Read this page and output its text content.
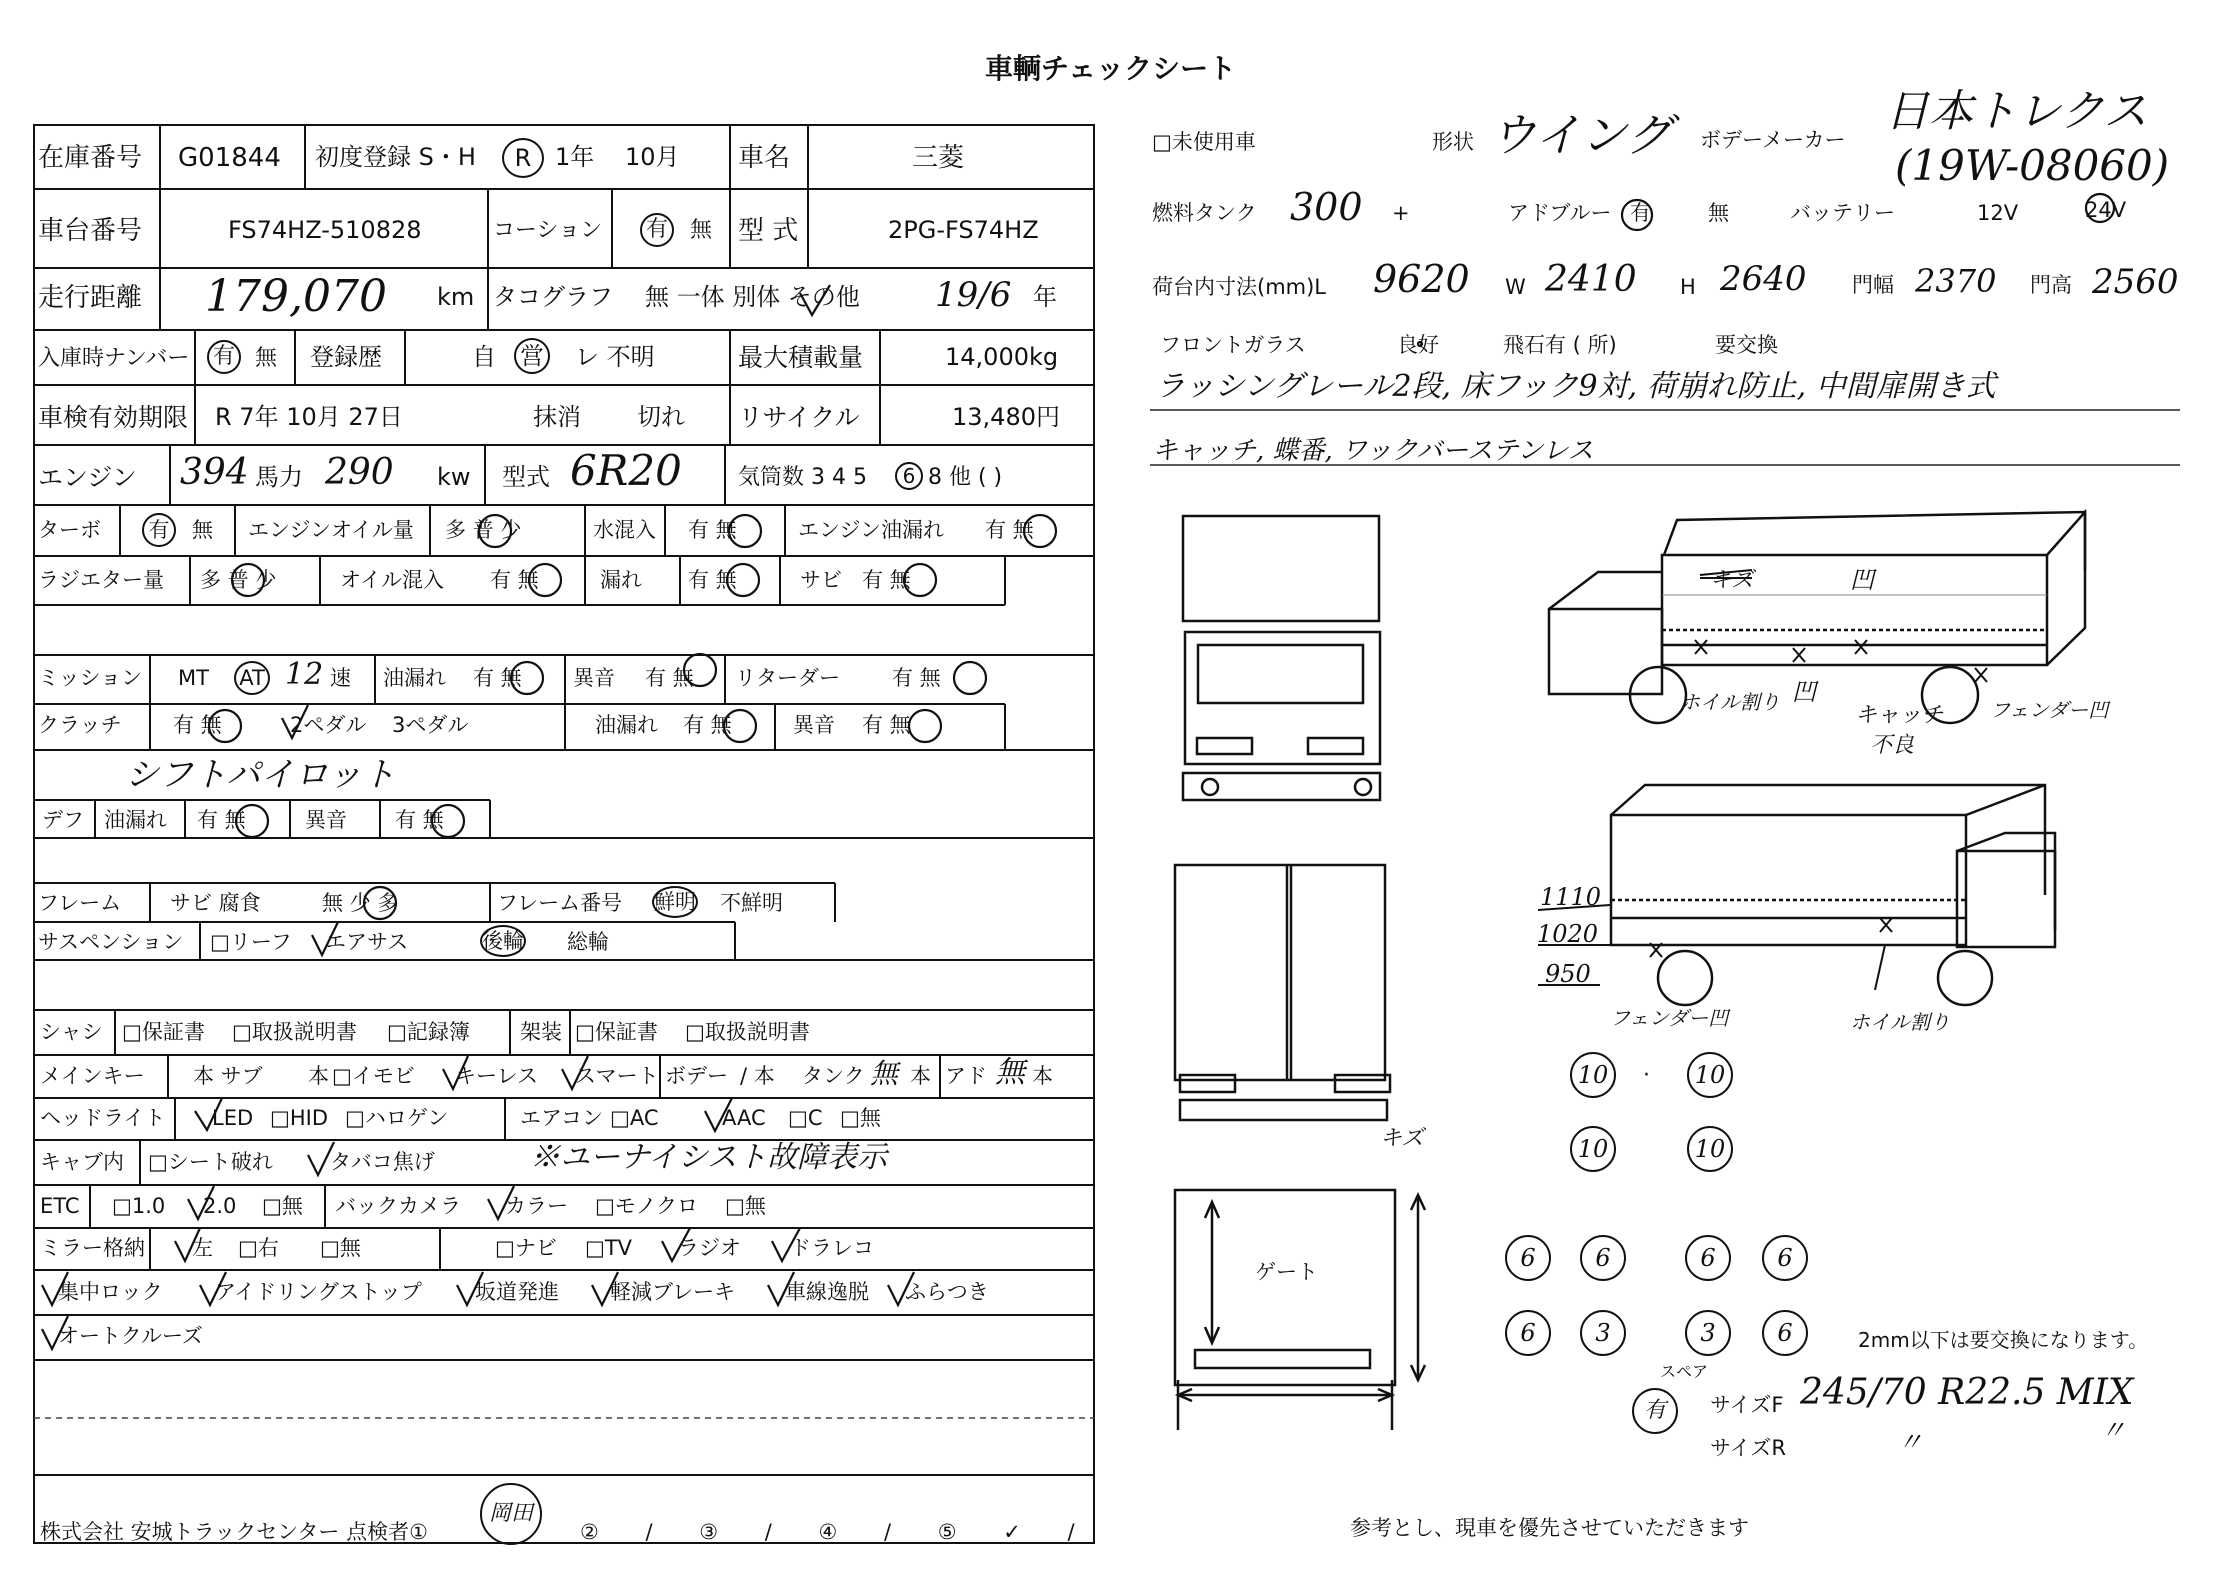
車輌チェックシート
在庫番号 G01844 初度登録 S・H	R 1年 10月 車名	三菱
車台番号	FS74HZ-510828	コーション 有 無 型 式	2PG-FS74HZ
走行距離 179,070 km タコグラフ 無 一体 別体 その他 19/6 年
入庫時ナンバー 有 無 登録歴	自 営 レ 不明	最大積載量	14,000kg
車検有効期限 R 7年 10月 27日	抹消 切れ リサイクル	13,480円
エンジン 394 馬力 290 kw 型式 6R20	気筒数 3 4 5	6 8 他 ( )
ターボ	有	無 エンジンオイル量 多 普 少	水混入 有 無	エンジン油漏れ 有 無
ラジエター量 多 普 少	オイル混入 有 無	漏れ 有 無	サビ 有 無
ミッション MT AT 12 速 油漏れ 有 無 異音 有 無 リターダー 有 無
クラッチ 有 無	2ペダル 3ペダル	油漏れ 有 無	異音 有 無
シフトパイロット
デフ 油漏れ 有 無	異音 有 無
フレーム サビ 腐食	無 少 多	フレーム番号 鮮明 不鮮明
サスペンション □リーフ エアサス	後輪 総輪
シャシ □保証書 □取扱説明書 □記録簿 架装 □保証書 □取扱説明書
メインキー 本 サブ 本 □イモビ キーレス スマート ボデー / 本 タンク 無 本 アド 無 本
ヘッドライト LED □HID □ハロゲン	エアコン □AC	AAC □C □無
キャブ内 □シート破れ	タバコ焦げ	※ユーナイシスト故障表示
ETC □1.0 2.0 □無 バックカメラ カラー □モノクロ □無
ミラー格納 左 □右 □無	□ナビ □TV ラジオ ドラレコ
集中ロック アイドリングストップ	坂道発進 軽減ブレーキ 車線逸脱 ふらつき
オートクルーズ
株式会社 安城トラックセンター 点検者①
岡田
② / ③ / ④ / ⑤ ✓ /
□未使用車	形状 ウイング ボデーメーカー
日本トレクス
(19W-08060)
燃料タンク 300 +	アドブルー 有	無	バッテリー	12V	24V
荷台内寸法(mm)L 9620 W 2410 H 2640 門幅 2370 門高 2560
フロントガラス	良好	飛石有 ( 所)	要交換
ラッシングレール2段, 床フック9対, 荷崩れ防止, 中間扉開き式
キャッチ, 蝶番, ワックバーステンレス
キズ	凹
ホイル割り 凹
キャッチ
不良
フェンダー凹
フェンダー凹	ホイル割り
キズ
ゲート
1110
1020
950
10	10
10	10
·
6	6	6	6
6	3	3	6	2mm以下は要交換になります。
スペア
有	サイズF 245/70 R22.5 MIX
サイズR	〃	〃
参考とし、現車を優先させていただきます
